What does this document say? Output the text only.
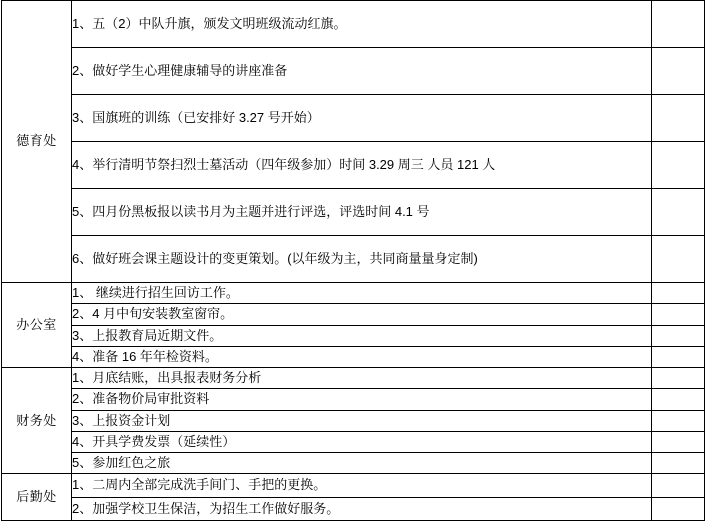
德育处	1、五（2）中队升旗，颁发文明班级流动红旗。	
	2、做好学生心理健康辅导的讲座准备	
	3、国旗班的训练（已安排好 3.27 号开始）	
	4、举行清明节祭扫烈士墓活动（四年级参加）时间 3.29 周三 人员 121 人	
	5、四月份黑板报以读书月为主题并进行评选，评选时间 4.1 号	
	6、做好班会课主题设计的变更策划。(以年级为主，共同商量量身定制)	
办公室	1、 继续进行招生回访工作。	
	2、4 月中旬安装教室窗帘。	
	3、上报教育局近期文件。	
	4、准备 16 年年检资料。	
财务处	1、月底结账，出具报表财务分析	
	2、准备物价局审批资料	
	3、上报资金计划	
	4、开具学费发票（延续性）	
	5、参加红色之旅	
后勤处	1、二周内全部完成洗手间门、手把的更换。	
	2、加强学校卫生保洁，为招生工作做好服务。	
